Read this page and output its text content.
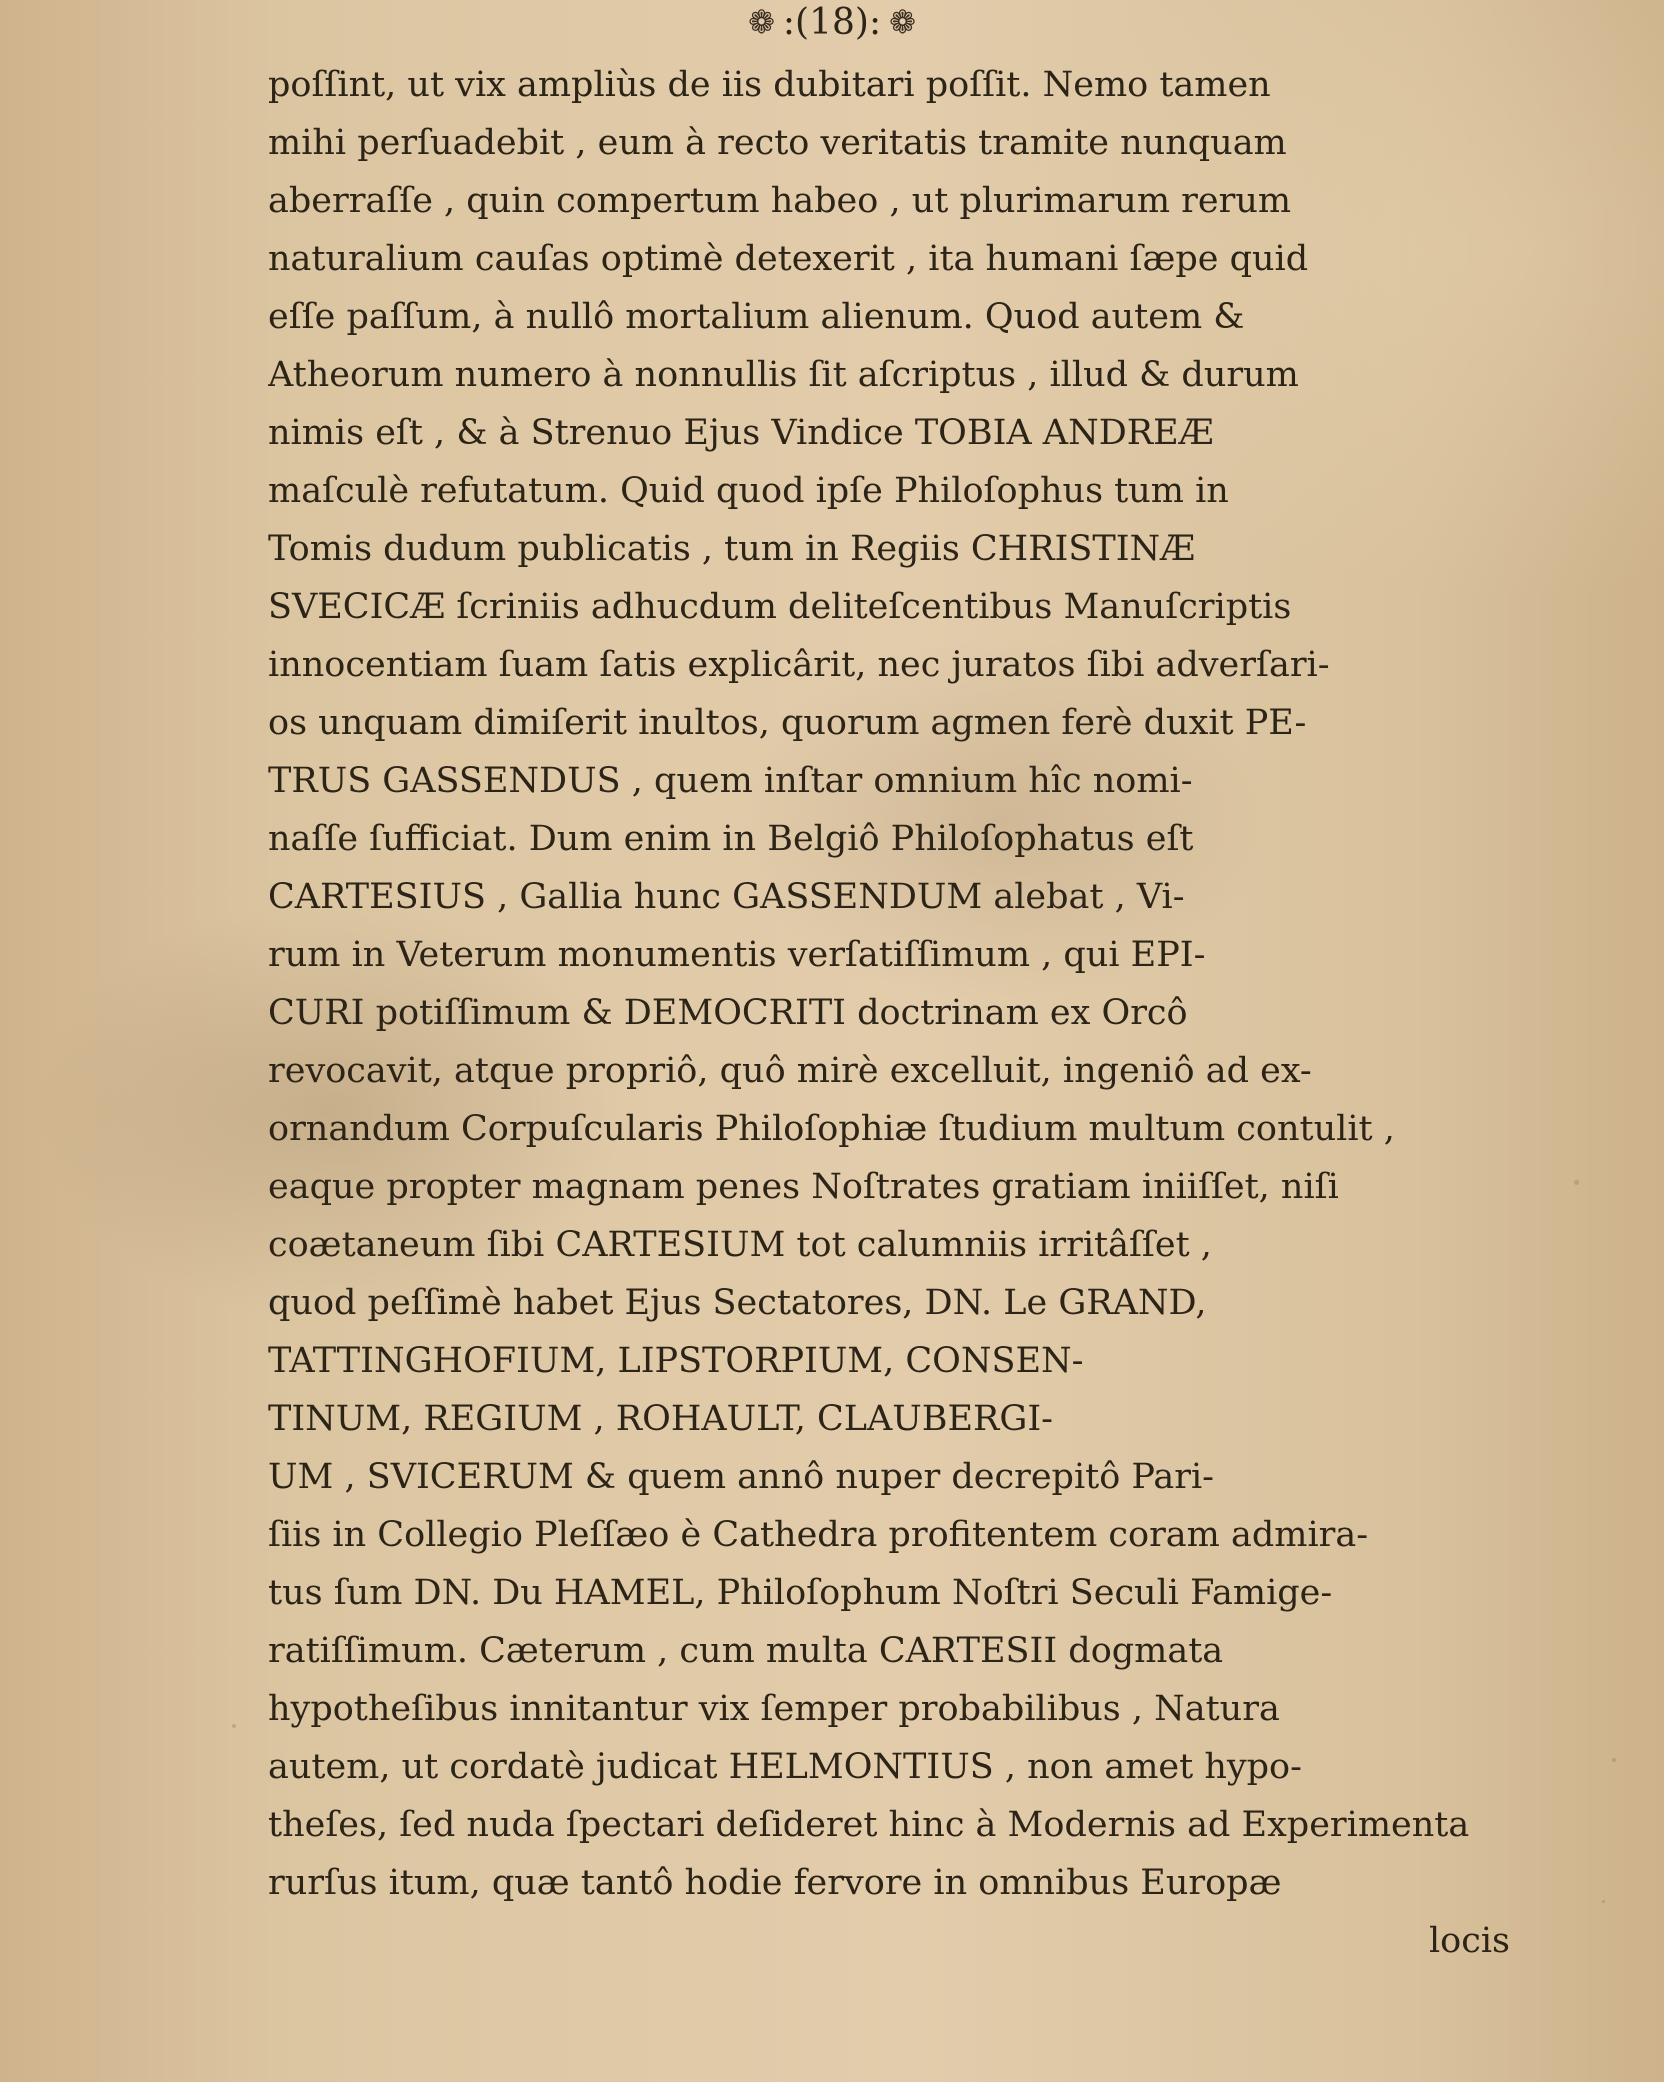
❁ :(18): ❁
poſſint, ut vix ampliùs de iis dubitari poſſit. Nemo tamen
mihi perſuadebit , eum à recto veritatis tramite nunquam
aberraſſe , quin compertum habeo , ut plurimarum rerum
naturalium cauſas optimè detexerit , ita humani ſæpe quid
eſſe paſſum, à nullô mortalium alienum. Quod autem &
Atheorum numero à nonnullis ſit aſcriptus , illud & durum
nimis eſt , & à Strenuo Ejus Vindice TOBIA ANDREÆ
maſculè refutatum. Quid quod ipſe Philoſophus tum in
Tomis dudum publicatis , tum in Regiis CHRISTINÆ
SVECICÆ ſcriniis adhucdum deliteſcentibus Manuſcriptis
innocentiam ſuam ſatis explicârit, nec juratos ſibi adverſari-
os unquam dimiſerit inultos, quorum agmen ferè duxit PE-
TRUS GASSENDUS , quem inſtar omnium hîc nomi-
naſſe ſufficiat. Dum enim in Belgiô Philoſophatus eſt
CARTESIUS , Gallia hunc GASSENDUM alebat , Vi-
rum in Veterum monumentis verſatiſſimum , qui EPI-
CURI potiſſimum & DEMOCRITI doctrinam ex Orcô
revocavit, atque propriô, quô mirè excelluit, ingeniô ad ex-
ornandum Corpuſcularis Philoſophiæ ſtudium multum contulit ,
eaque propter magnam penes Noſtrates gratiam iniiſſet, niſi
coætaneum ſibi CARTESIUM tot calumniis irritâſſet ,
quod peſſimè habet Ejus Sectatores, DN. Le GRAND,
TATTINGHOFIUM, LIPSTORPIUM, CONSEN-
TINUM, REGIUM , ROHAULT, CLAUBERGI-
UM , SVICERUM & quem annô nuper decrepitô Pari-
ſiis in Collegio Pleſſæo è Cathedra profitentem coram admira-
tus ſum DN. Du HAMEL, Philoſophum Noſtri Seculi Famige-
ratiſſimum. Cæterum , cum multa CARTESII dogmata
hypotheſibus innitantur vix ſemper probabilibus , Natura
autem, ut cordatè judicat HELMONTIUS , non amet hypo-
theſes, ſed nuda ſpectari deſideret hinc à Modernis ad Experimenta
rurſus itum, quæ tantô hodie fervore in omnibus Europæ
locis
